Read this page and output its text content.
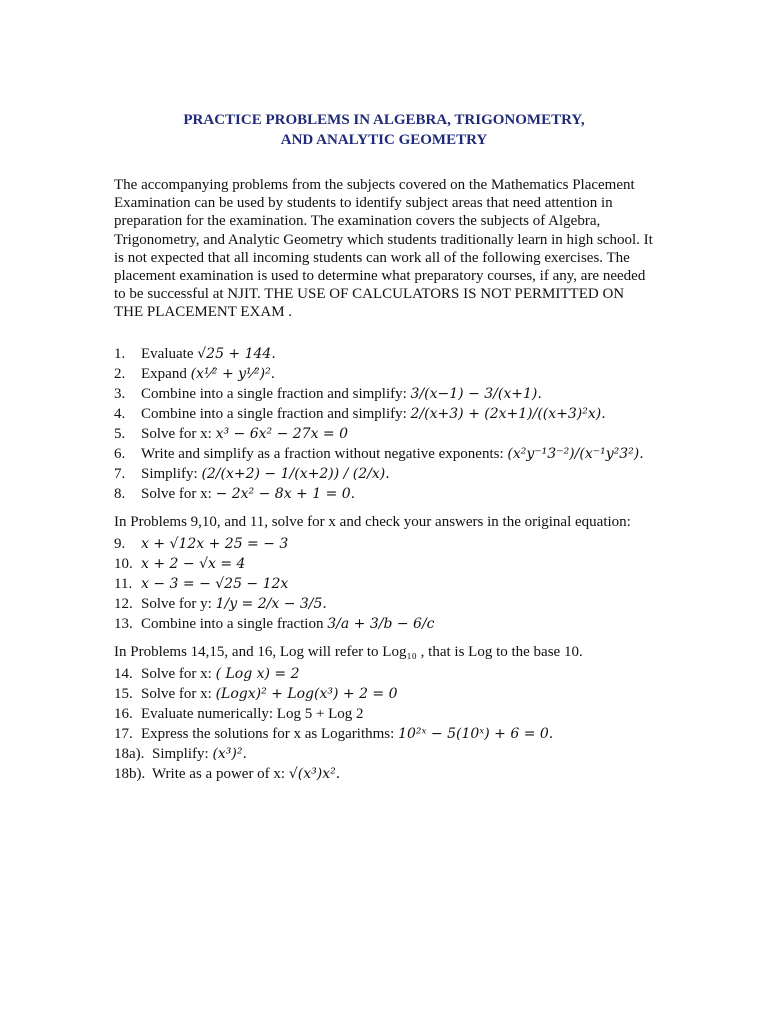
PRACTICE PROBLEMS IN ALGEBRA, TRIGONOMETRY,
AND ANALYTIC GEOMETRY

The accompanying problems from the subjects covered on the Mathematics Placement Examination can be used by students to identify subject areas that need attention in preparation for the examination. The examination covers the subjects of Algebra, Trigonometry, and Analytic Geometry which students traditionally learn in high school. It is not expected that all incoming students can work all of the following exercises. The placement examination is used to determine what preparatory courses, if any, are needed to be successful at NJIT. THE USE OF CALCULATORS IS NOT PERMITTED ON THE PLACEMENT EXAM .

1.	Evaluate √25 + 144.
2.	Expand (x¹⁄² + y¹⁄²)².
3.	Combine into a single fraction and simplify: 3/(x−1) − 3/(x+1).
4.	Combine into a single fraction and simplify: 2/(x+3) + (2x+1)/((x+3)²x).
5.	Solve for x: x³ − 6x² − 27x = 0
6.	Write and simplify as a fraction without negative exponents: (x²y⁻¹3⁻²)/(x⁻¹y²3²).
7.	Simplify: (2/(x+2) − 1/(x+2)) / (2/x).
8.	Solve for x: − 2x² − 8x + 1 = 0.

In Problems 9,10, and 11, solve for x and check your answers in the original equation:

9.	x + √12x + 25 = − 3
10. x + 2 − √x = 4
11. x − 3 = − √25 − 12x
12. Solve for y: 1/y = 2/x − 3/5.
13. Combine into a single fraction 3/a + 3/b − 6/c

In Problems 14,15, and 16, Log will refer to Log₁₀ , that is Log to the base 10.

14. Solve for x: ( Log x) = 2
15. Solve for x: (Logx)² + Log(x³) + 2 = 0
16. Evaluate numerically: Log 5 + Log 2
17. Express the solutions for x as Logarithms: 10²ˣ − 5(10ˣ) + 6 = 0.
18a). Simplify: (x³)².
18b). Write as a power of x: √(x³)x².
